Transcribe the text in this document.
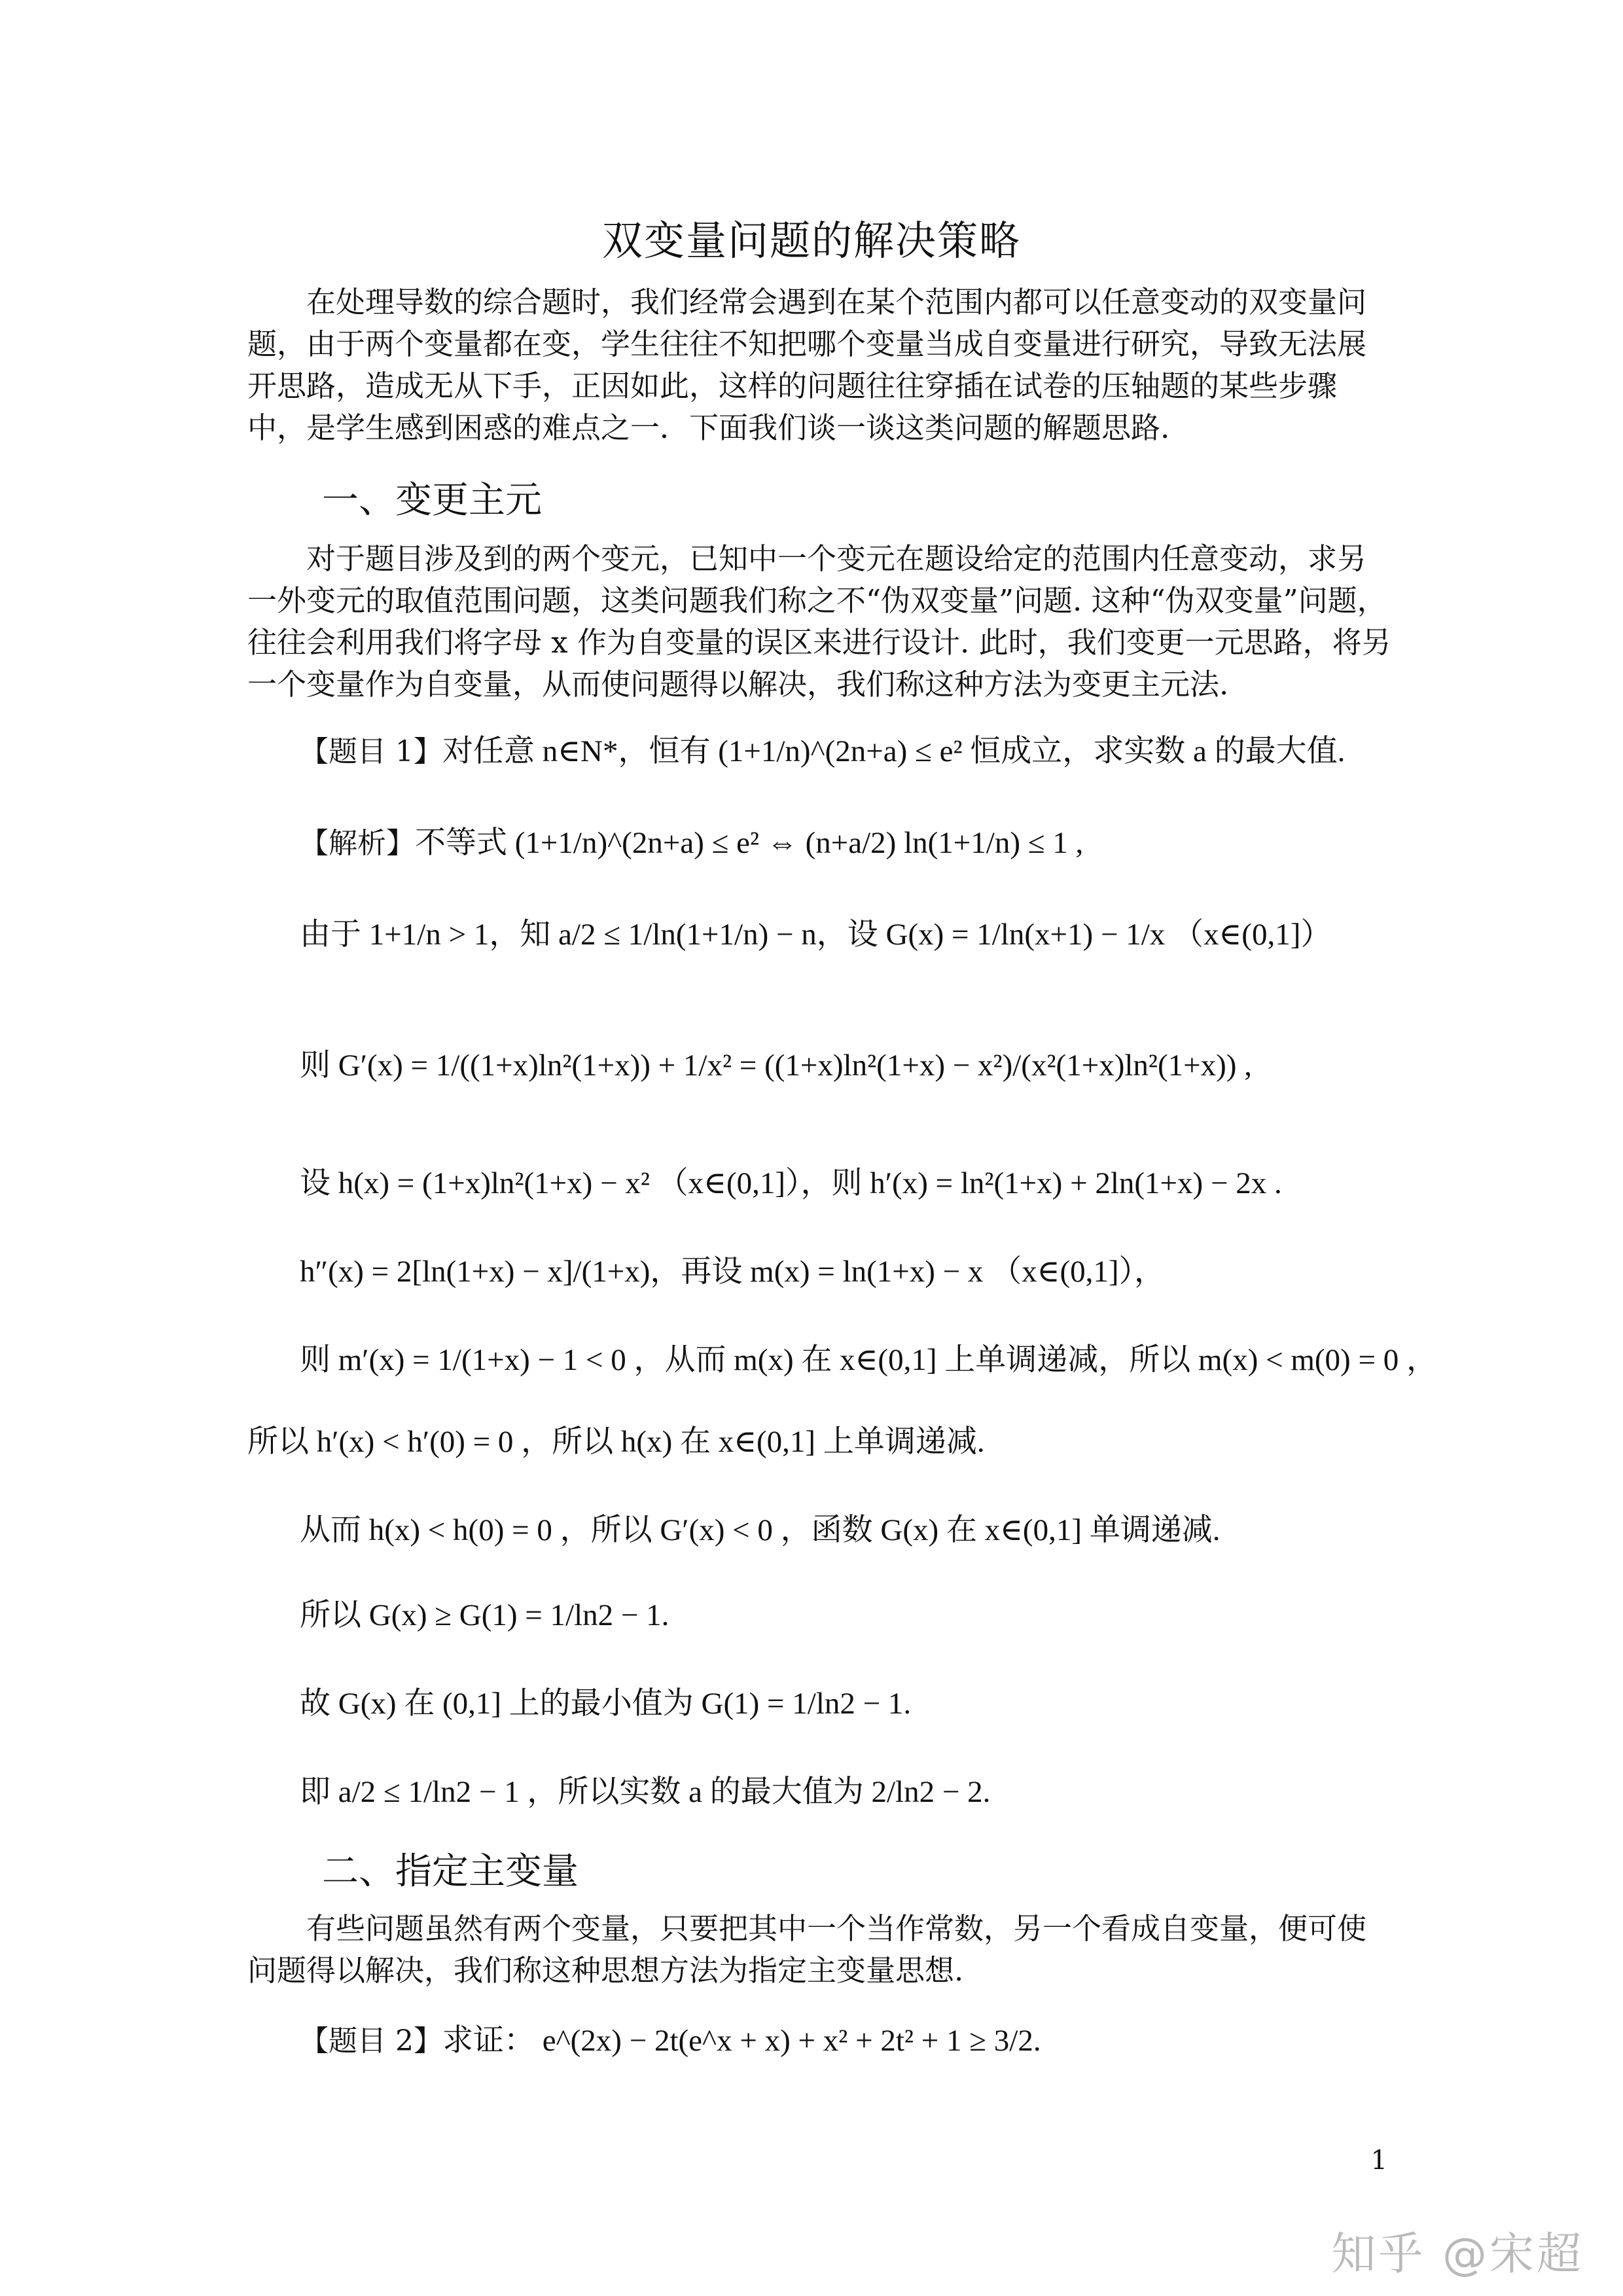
双变量问题的解决策略

在处理导数的综合题时，我们经常会遇到在某个范围内都可以任意变动的双变量问题，由于两个变量都在变，学生往往不知把哪个变量当成自变量进行研究，导致无法展开思路，造成无从下手，正因如此，这样的问题往往穿插在试卷的压轴题的某些步骤中，是学生感到困惑的难点之一．下面我们谈一谈这类问题的解题思路.

一、变更主元

对于题目涉及到的两个变元，已知中一个变元在题设给定的范围内任意变动，求另一外变元的取值范围问题，这类问题我们称之不“伪双变量”问题. 这种“伪双变量”问题，往往会利用我们将字母 x 作为自变量的误区来进行设计. 此时，我们变更一元思路，将另一个变量作为自变量，从而使问题得以解决，我们称这种方法为变更主元法.

【题目 1】对任意 n∈N*，恒有 (1+1/n)^(2n+a) ≤ e² 恒成立，求实数 a 的最大值.
【解析】不等式 (1+1/n)^(2n+a) ≤ e² ⇔ (n+a/2) ln(1+1/n) ≤ 1 ,
由于 1+1/n > 1，知 a/2 ≤ 1/ln(1+1/n) − n，设 G(x) = 1/ln(x+1) − 1/x （x∈(0,1]）
则 G′(x) = 1/((1+x)ln²(1+x)) + 1/x² = ((1+x)ln²(1+x) − x²)/(x²(1+x)ln²(1+x)) ,
设 h(x) = (1+x)ln²(1+x) − x² （x∈(0,1]），则 h′(x) = ln²(1+x) + 2ln(1+x) − 2x .
h″(x) = 2[ln(1+x) − x]/(1+x)，再设 m(x) = ln(1+x) − x （x∈(0,1]），
则 m′(x) = 1/(1+x) − 1 < 0 ，从而 m(x) 在 x∈(0,1] 上单调递减，所以 m(x) < m(0) = 0 ，
所以 h′(x) < h′(0) = 0 ，所以 h(x) 在 x∈(0,1] 上单调递减.
从而 h(x) < h(0) = 0 ，所以 G′(x) < 0 ，函数 G(x) 在 x∈(0,1] 单调递减.
所以 G(x) ≥ G(1) = 1/ln2 − 1.
故 G(x) 在 (0,1] 上的最小值为 G(1) = 1/ln2 − 1.
即 a/2 ≤ 1/ln2 − 1 ，所以实数 a 的最大值为 2/ln2 − 2.
二、指定主变量

有些问题虽然有两个变量，只要把其中一个当作常数，另一个看成自变量，便可使问题得以解决，我们称这种思想方法为指定主变量思想.

【题目 2】求证： e^(2x) − 2t(e^x + x) + x² + 2t² + 1 ≥ 3/2.
1
知乎 @宋超
